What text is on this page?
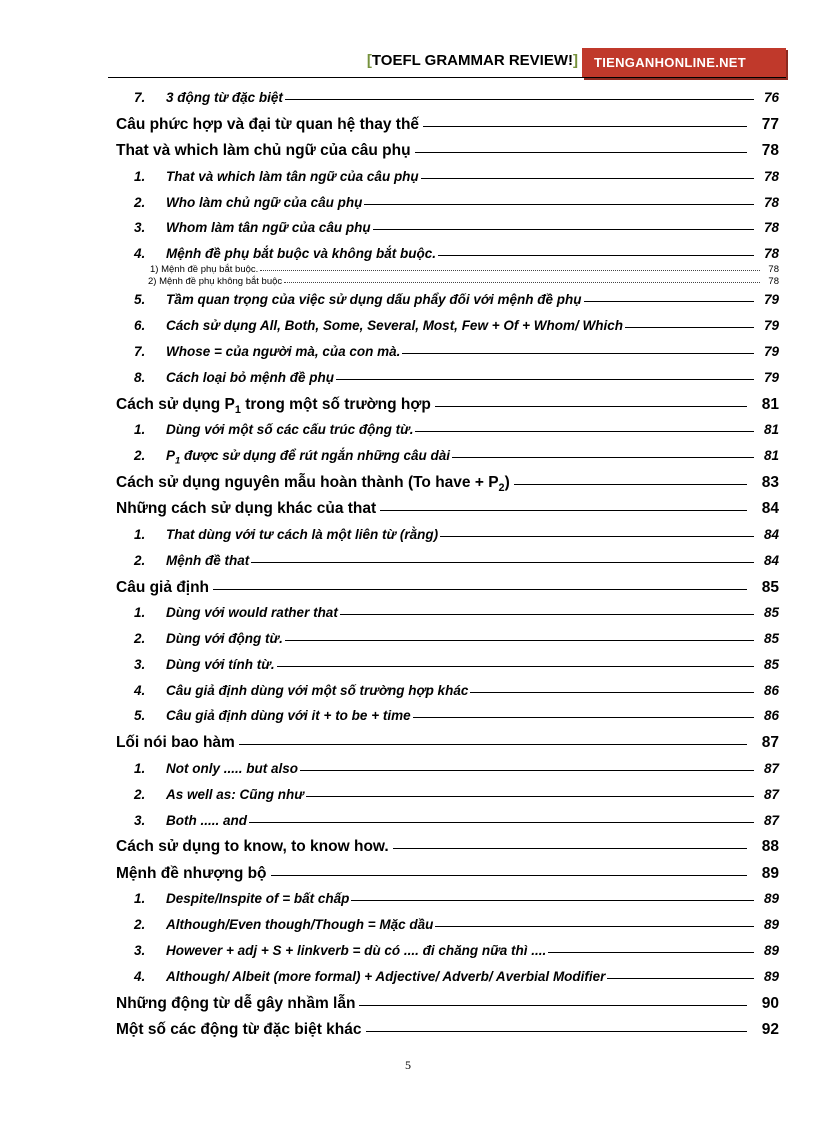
[TOEFL GRAMMAR REVIEW!]	TIENGANHONLINE.NET
7.	3 động từ đặc biệt	76
Câu phức hợp và đại từ quan hệ thay thế	77
That và which làm chủ ngữ của câu phụ	78
1.	That và which làm tân ngữ của câu phụ	78
2.	Who làm chủ ngữ của câu phụ	78
3.	Whom làm tân ngữ của câu phụ	78
4.	Mệnh đề phụ bắt buộc và không bắt buộc.	78
1) Mệnh đề phụ bắt buộc.	78
2) Mệnh đề phụ không bắt buộc	78
5.	Tầm quan trọng của việc sử dụng dấu phẩy đối với mệnh đề phụ	79
6.	Cách sử dụng All, Both, Some, Several, Most, Few + Of + Whom/ Which	79
7.	Whose = của người mà, của con mà.	79
8.	Cách loại bỏ mệnh đề phụ	79
Cách sử dụng $P_1$ trong một số trường hợp	81
1.	Dùng với một số các cấu trúc động từ.	81
2.	$P_1$ được sử dụng để rút ngắn những câu dài	81
Cách sử dụng nguyên mẫu hoàn thành (To have + $P_2$)	83
Những cách sử dụng khác của that	84
1.	That dùng với tư cách là một liên từ (rằng)	84
2.	Mệnh đề that	84
Câu giả định	85
1.	Dùng với would rather that	85
2.	Dùng với động từ.	85
3.	Dùng với tính từ.	85
4.	Câu giả định dùng với một số trường hợp khác	86
5.	Câu giả định dùng với it + to be + time	86
Lối nói bao hàm	87
1.	Not only ..... but also	87
2.	As well as: Cũng như	87
3.	Both ..... and	87
Cách sử dụng to know, to know how.	88
Mệnh đề nhượng bộ	89
1.	Despite/Inspite of = bất chấp	89
2.	Although/Even though/Though = Mặc dầu	89
3.	However + adj + S + linkverb = dù có .... đi chăng nữa thì ....	89
4.	Although/ Albeit (more formal) + Adjective/ Adverb/ Averbial Modifier	89
Những động từ dễ gây nhầm lẫn	90
Một số các động từ đặc biệt khác	92
5
